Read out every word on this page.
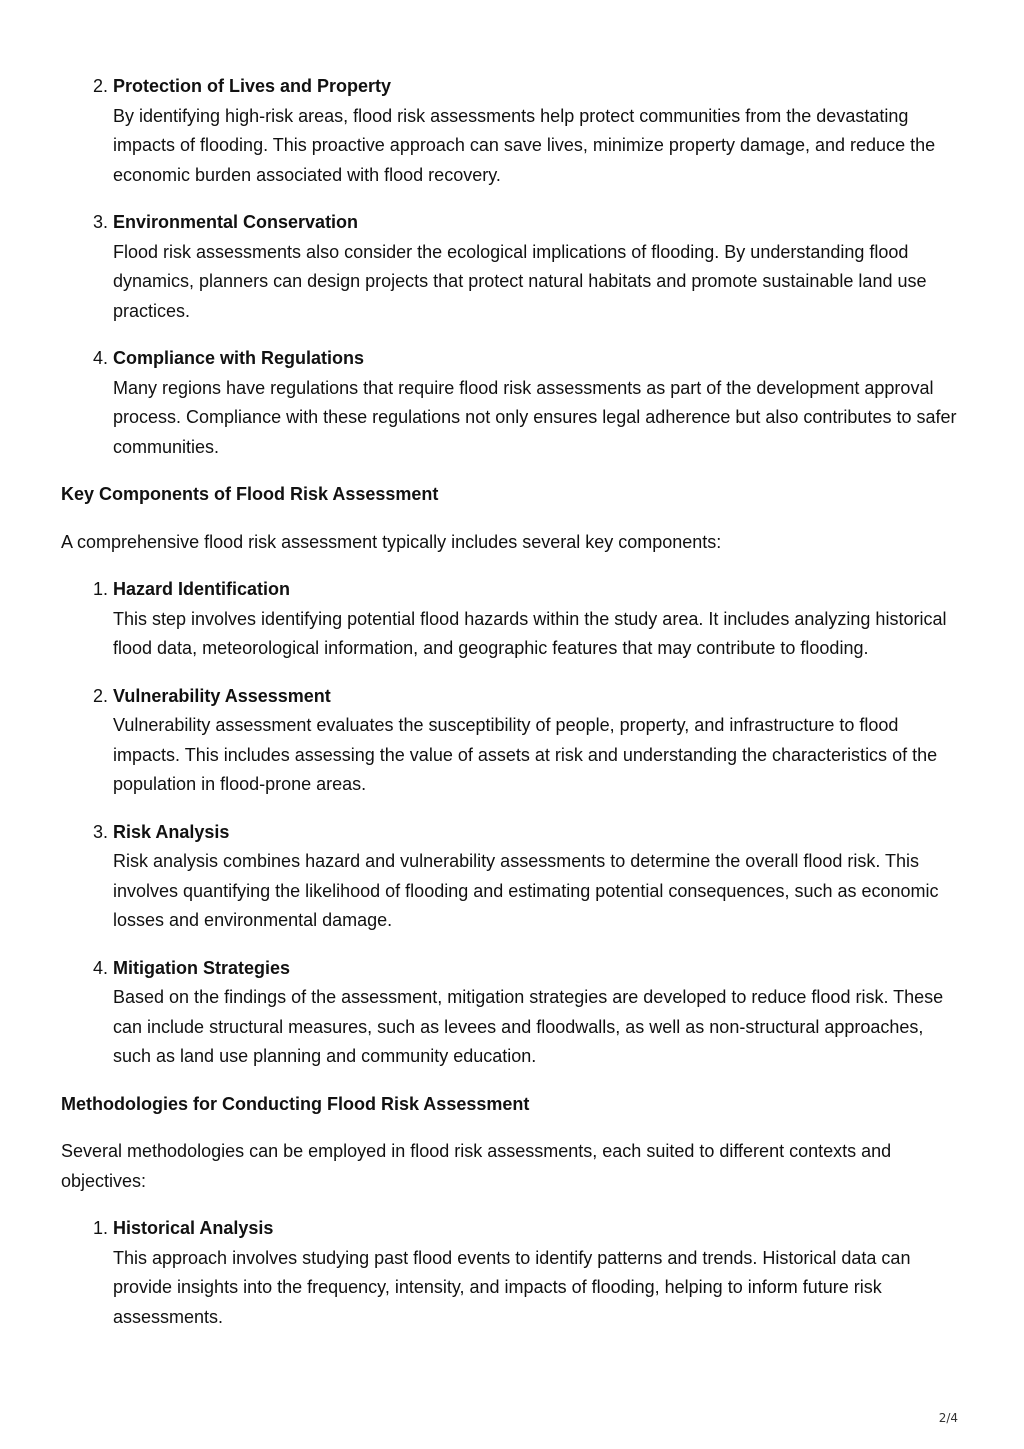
2. Protection of Lives and Property
By identifying high-risk areas, flood risk assessments help protect communities from the devastating impacts of flooding. This proactive approach can save lives, minimize property damage, and reduce the economic burden associated with flood recovery.
3. Environmental Conservation
Flood risk assessments also consider the ecological implications of flooding. By understanding flood dynamics, planners can design projects that protect natural habitats and promote sustainable land use practices.
4. Compliance with Regulations
Many regions have regulations that require flood risk assessments as part of the development approval process. Compliance with these regulations not only ensures legal adherence but also contributes to safer communities.

Key Components of Flood Risk Assessment

A comprehensive flood risk assessment typically includes several key components:

1. Hazard Identification
This step involves identifying potential flood hazards within the study area. It includes analyzing historical flood data, meteorological information, and geographic features that may contribute to flooding.
2. Vulnerability Assessment
Vulnerability assessment evaluates the susceptibility of people, property, and infrastructure to flood impacts. This includes assessing the value of assets at risk and understanding the characteristics of the population in flood-prone areas.
3. Risk Analysis
Risk analysis combines hazard and vulnerability assessments to determine the overall flood risk. This involves quantifying the likelihood of flooding and estimating potential consequences, such as economic losses and environmental damage.
4. Mitigation Strategies
Based on the findings of the assessment, mitigation strategies are developed to reduce flood risk. These can include structural measures, such as levees and floodwalls, as well as non-structural approaches, such as land use planning and community education.

Methodologies for Conducting Flood Risk Assessment

Several methodologies can be employed in flood risk assessments, each suited to different contexts and objectives:

1. Historical Analysis
This approach involves studying past flood events to identify patterns and trends. Historical data can provide insights into the frequency, intensity, and impacts of flooding, helping to inform future risk assessments.
2/4
